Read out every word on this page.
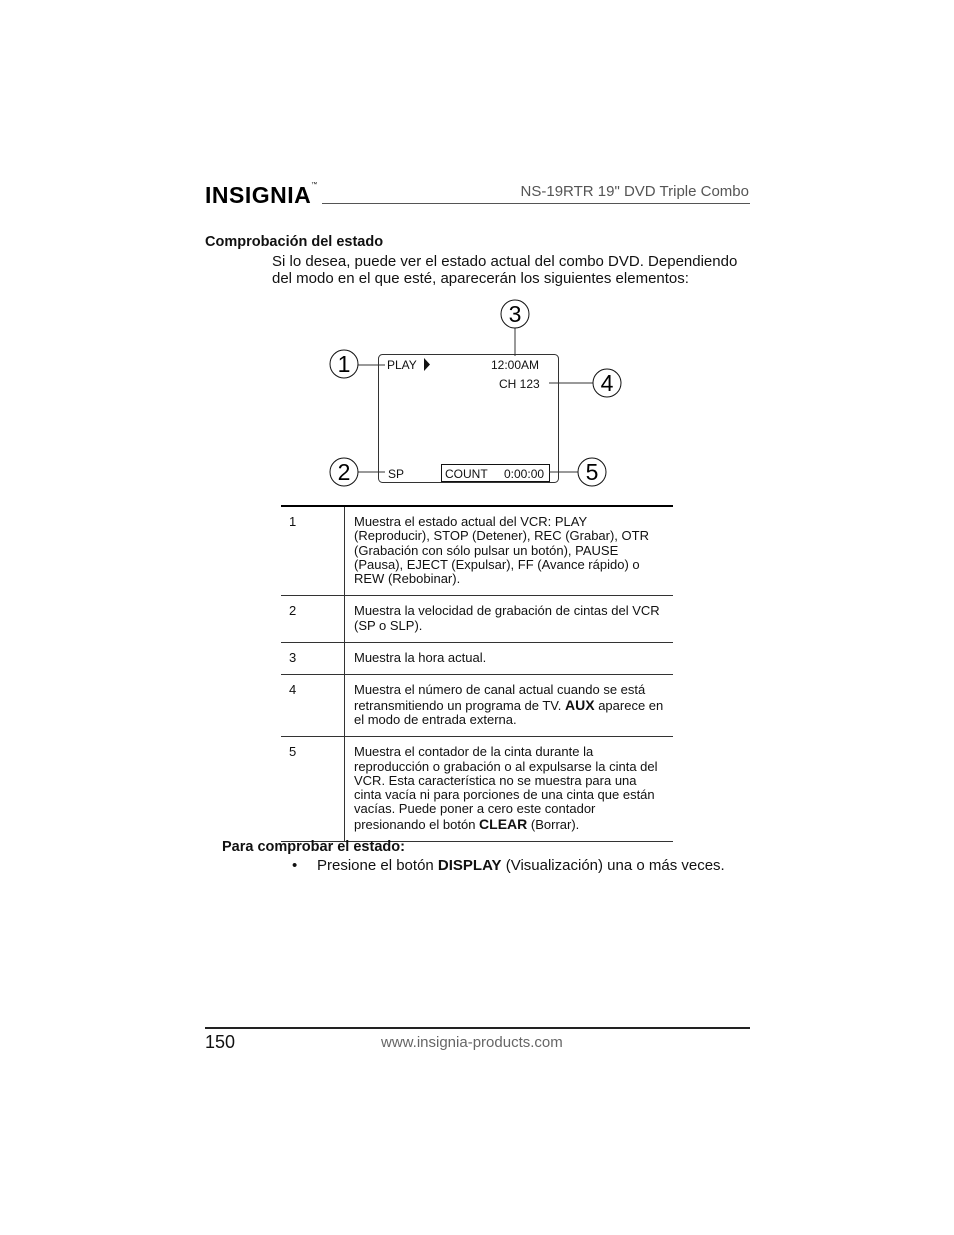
INSIGNIA™	NS-19RTR 19" DVD Triple Combo
Comprobación del estado
Si lo desea, puede ver el estado actual del combo DVD. Dependiendo del modo en el que esté, aparecerán los siguientes elementos:
PLAY	12:00AM
CH 123
SP	COUNT 0:00:00
1
2
3
4
5
1	Muestra el estado actual del VCR: PLAY (Reproducir), STOP (Detener), REC (Grabar), OTR (Grabación con sólo pulsar un botón), PAUSE (Pausa), EJECT (Expulsar), FF (Avance rápido) o REW (Rebobinar).
2	Muestra la velocidad de grabación de cintas del VCR (SP o SLP).
3	Muestra la hora actual.
4	Muestra el número de canal actual cuando se está retransmitiendo un programa de TV. AUX aparece en el modo de entrada externa.
5	Muestra el contador de la cinta durante la reproducción o grabación o al expulsarse la cinta del VCR. Esta característica no se muestra para una cinta vacía ni para porciones de una cinta que están vacías. Puede poner a cero este contador presionando el botón CLEAR (Borrar).
Para comprobar el estado:
• Presione el botón DISPLAY (Visualización) una o más veces.
150	www.insignia-products.com
